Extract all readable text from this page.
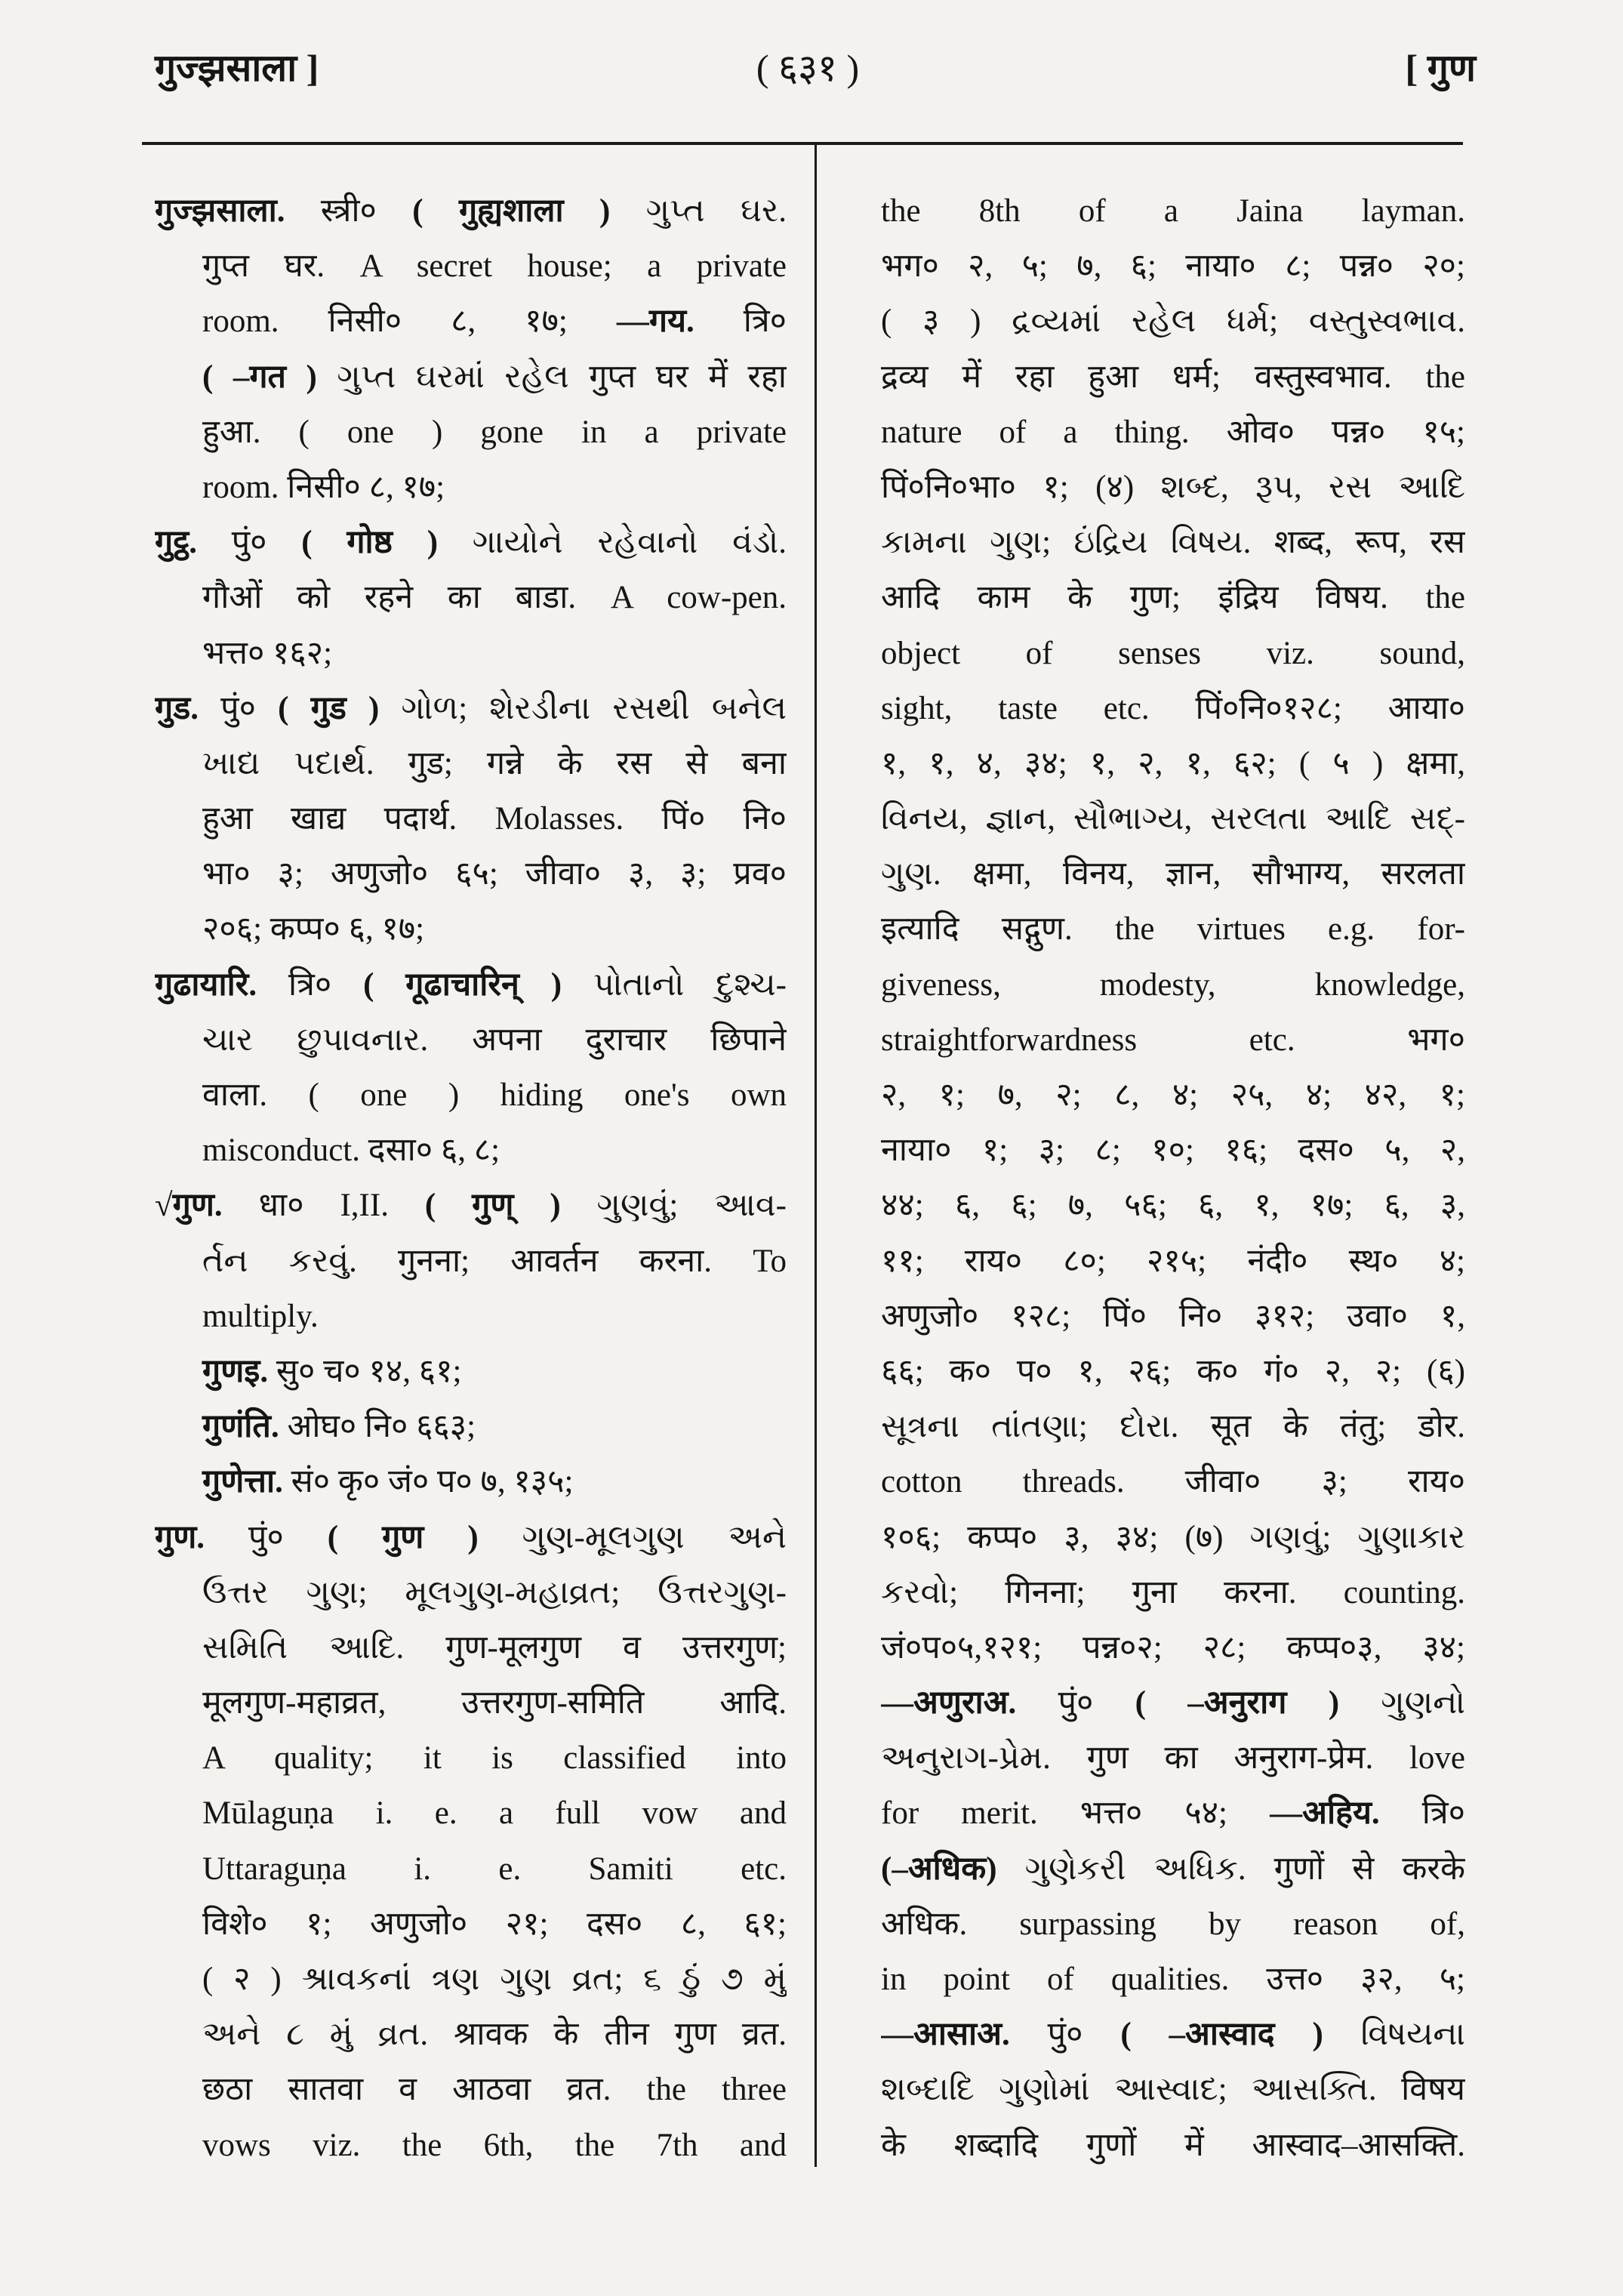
गुज्झसाला ]	( ६३१ )	[ गुण
गुज्झसाला. स्त्री० ( गुह्यशाला ) ગુપ્ત ઘર.
गुप्त घर. A secret house; a private
room. निसी० ८, १७; —गय. त्रि०
( –गत ) ગુપ્ત ઘરમાં રહેલ गुप्त घर में रहा
हुआ. ( one ) gone in a private
room. निसी० ८, १७;
गुट्ठ. पुं० ( गोष्ठ ) ગાયોને રહેવાનો વંડો.
गौओं को रहने का बाडा. A cow-pen.
भत्त० १६२;
गुड. पुं० ( गुड ) ગોળ; શેરડીના રસથી બનેલ
ખાદ્ય પદાર્થ. गुड; गन्ने के रस से बना
हुआ खाद्य पदार्थ. Molasses. पिं० नि०
भा० ३; अणुजो० ६५; जीवा० ३, ३; प्रव०
२०६; कप्प० ६, १७;
गुढायारि. त्रि० ( गूढाचारिन् ) પોતાનો દુશ્ચ-
ચાર છુપાવનાર. अपना दुराचार छिपाने
वाला. ( one ) hiding one's own
misconduct. दसा० ६, ८;
√गुण. धा० I,II. ( गुण् ) ગુણવું; આવ-
ર્તન કરવું. गुनना; आवर्तन करना. To
multiply.
गुणइ. सु० च० १४, ६१;
गुणंति. ओघ० नि० ६६३;
गुणेत्ता. सं० कृ० जं० प० ७, १३५;
गुण. पुं० ( गुण ) ગુણ-મૂલગુણ અને
ઉત્તર ગુણ; મૂલગુણ-મહાવ્રત; ઉત્તરગુણ-
સમિતિ આદિ. गुण-मूलगुण व उत्तरगुण;
मूलगुण-महाव्रत, उत्तरगुण-समिति आदि.
A quality; it is classified into
Mūlaguṇa i. e. a full vow and
Uttaraguṇa i. e. Samiti etc.
विशे० १; अणुजो० २१; दस० ८, ६१;
( २ ) શ્રાવકનાં ત્રણ ગુણ વ્રત; ૬ ઠું ૭ મું
અને ૮ મું વ્રત. श्रावक के तीन गुण व्रत.
छठा सातवा व आठवा व्रत. the three
vows viz. the 6th, the 7th and
the 8th of a Jaina layman.
भग० २, ५; ७, ६; नाया० ८; पन्न० २०;
( ३ ) દ્રવ્યમાં રહેલ ધર્મ; વસ્તુસ્વભાવ.
द्रव्य में रहा हुआ धर्म; वस्तुस्वभाव. the
nature of a thing. ओव० पन्न० १५;
पिं०नि०भा० १; (४) શબ્દ, રૂપ, રસ આદિ
કામના ગુણ; ઇંદ્રિય વિષય. शब्द, रूप, रस
आदि काम के गुण; इंद्रिय विषय. the
object of senses viz. sound,
sight, taste etc. पिं०नि०१२८; आया०
१, १, ४, ३४; १, २, १, ६२; ( ५ ) क्षमा,
વિનય, જ્ઞાન, સૌભાગ્ય, સરલતા આદિ સદ્-
ગુણ. क्षमा, विनय, ज्ञान, सौभाग्य, सरलता
इत्यादि सद्गुण. the virtues e.g. for-
giveness, modesty, knowledge,
straightforwardness etc. भग०
२, १; ७, २; ८, ४; २५, ४; ४२, १;
नाया० १; ३; ८; १०; १६; दस० ५, २,
४४; ६, ६; ७, ५६; ६, १, १७; ६, ३,
११; राय० ८०; २१५; नंदी० स्थ० ४;
अणुजो० १२८; पिं० नि० ३१२; उवा० १,
६६; क० प० १, २६; क० गं० २, २; (६)
સૂત્રના તાંતણા; દોરા. सूत के तंतु; डोर.
cotton threads. जीवा० ३; राय०
१०६; कप्प० ३, ३४; (७) ગણવું; ગુણાકાર
કરવો; गिनना; गुना करना. counting.
जं०प०५,१२१; पन्न०२; २८; कप्प०३, ३४;
—अणुराअ. पुं० ( –अनुराग ) ગુણનો
અનુરાગ-પ્રેમ. गुण का अनुराग-प्रेम. love
for merit. भत्त० ५४; —अहिय. त्रि०
(–अधिक) ગુણેકરી અધિક. गुणों से करके
अधिक. surpassing by reason of,
in point of qualities. उत्त० ३२, ५;
—आसाअ. पुं० ( –आस्वाद ) વિષયના
શબ્દાદિ ગુણોમાં આસ્વાદ; આસક્તિ. विषय
के शब्दादि गुणों में आस्वाद–आसक्ति.
